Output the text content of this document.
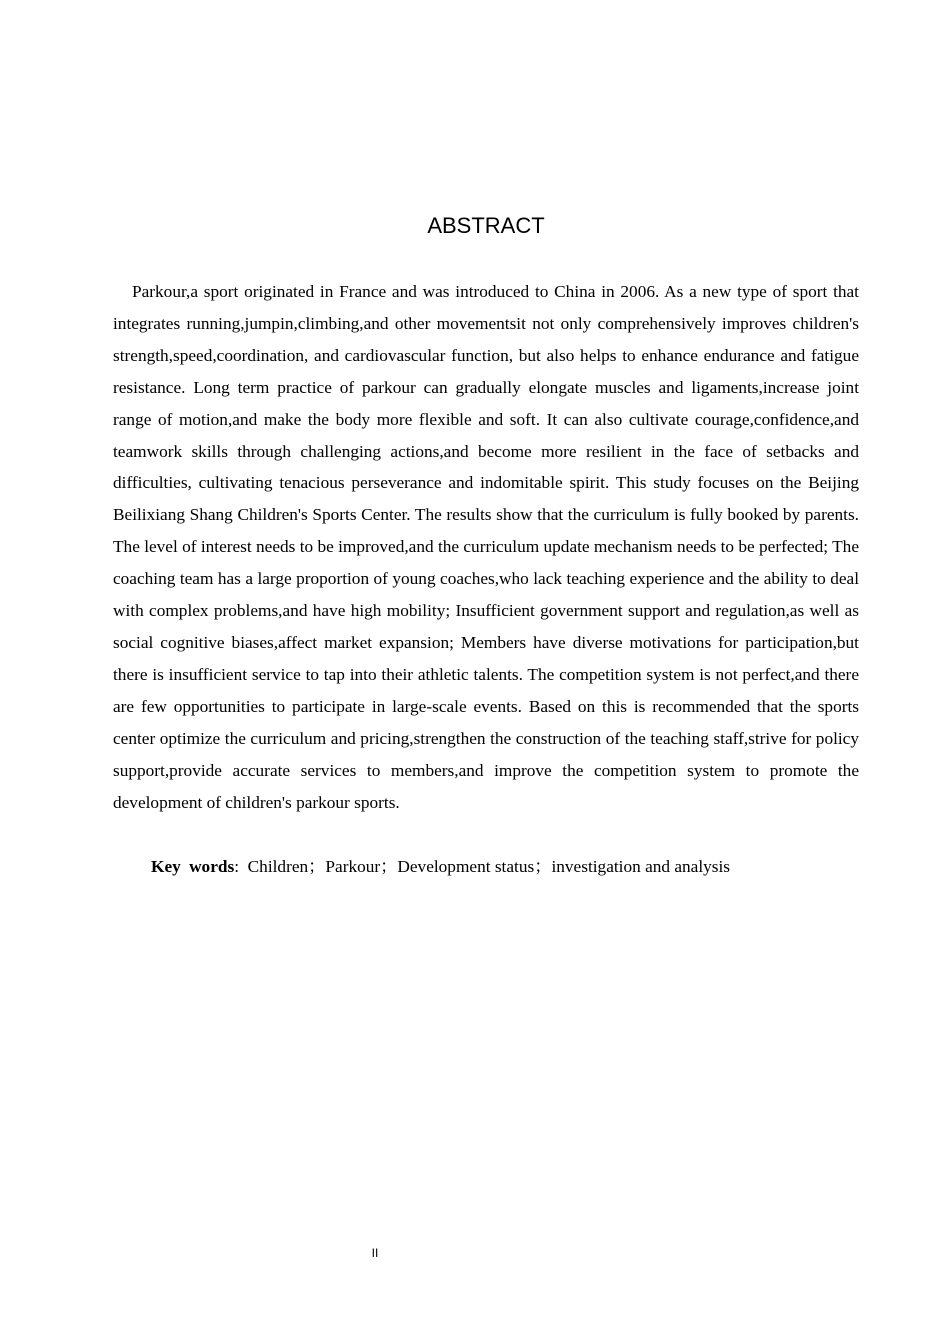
ABSTRACT

Parkour,a sport originated in France and was introduced to China in 2006. As a new type of sport that integrates running,jumpin,climbing,and other movementsit not only comprehensively improves children's strength,speed,coordination, and cardiovascular function, but also helps to enhance endurance and fatigue resistance. Long term practice of parkour can gradually elongate muscles and ligaments,increase joint range of motion,and make the body more flexible and soft. It can also cultivate courage,confidence,and teamwork skills through challenging actions,and become more resilient in the face of setbacks and difficulties, cultivating tenacious perseverance and indomitable spirit. This study focuses on the Beijing Beilixiang Shang Children's Sports Center. The results show that the curriculum is fully booked by parents. The level of interest needs to be improved,and the curriculum update mechanism needs to be perfected; The coaching team has a large proportion of young coaches,who lack teaching experience and the ability to deal with complex problems,and have high mobility; Insufficient government support and regulation,as well as social cognitive biases,affect market expansion; Members have diverse motivations for participation,but there is insufficient service to tap into their athletic talents. The competition system is not perfect,and there are few opportunities to participate in large-scale events. Based on this is recommended that the sports center optimize the curriculum and pricing,strengthen the construction of the teaching staff,strive for policy support,provide accurate services to members,and improve the competition system to promote the development of children's parkour sports.

Key words: Children；Parkour；Development status；investigation and analysis

II
